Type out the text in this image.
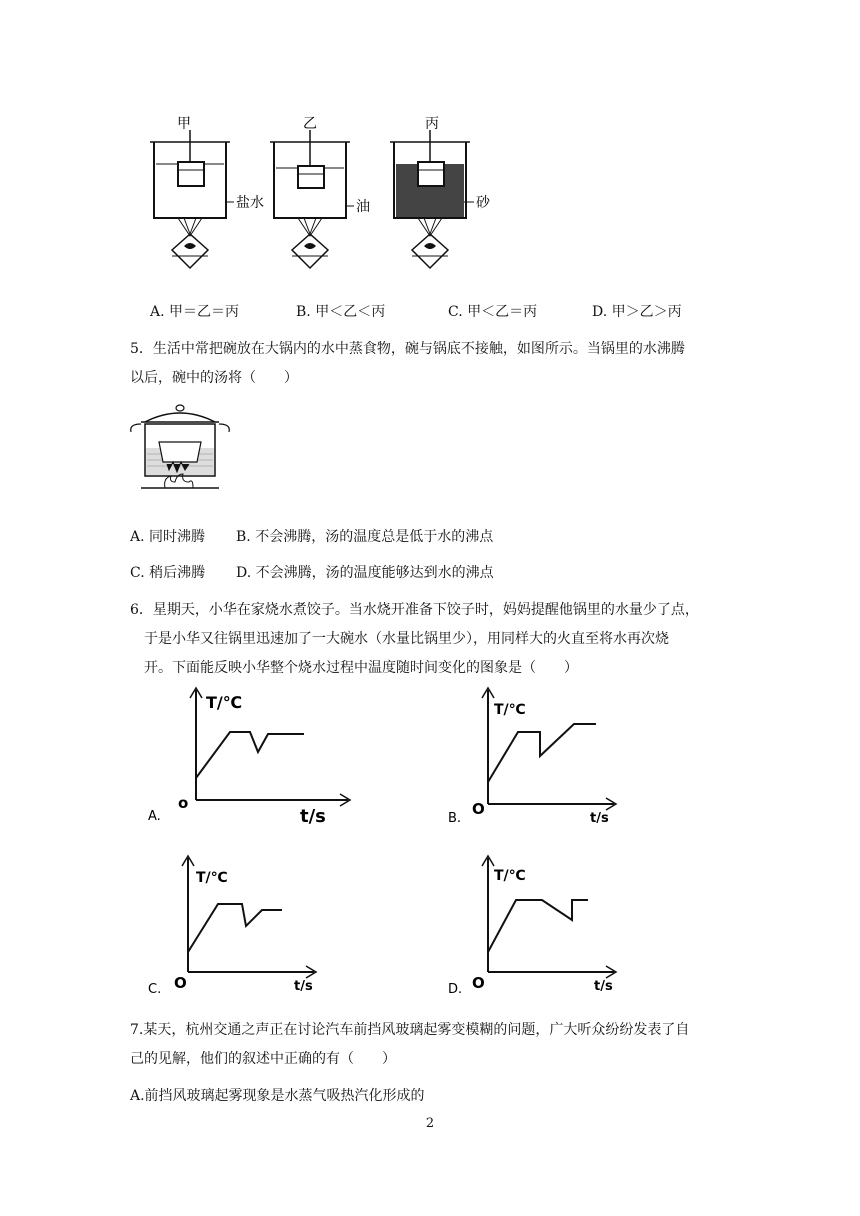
甲
盐水
乙
油
丙
砂
A. 甲＝乙＝丙	B. 甲＜乙＜丙	C. 甲＜乙＝丙	D. 甲＞乙＞丙
5．生活中常把碗放在大锅内的水中蒸食物，碗与锅底不接触，如图所示。当锅里的水沸腾
以后，碗中的汤将（　　）
A. 同时沸腾 B. 不会沸腾，汤的温度总是低于水的沸点
C. 稍后沸腾 D. 不会沸腾，汤的温度能够达到水的沸点
6．星期天，小华在家烧水煮饺子。当水烧开准备下饺子时，妈妈提醒他锅里的水量少了点，
于是小华又往锅里迅速加了一大碗水（水量比锅里少），用同样大的火直至将水再次烧
开。下面能反映小华整个烧水过程中温度随时间变化的图象是（　　）
A.
T/℃
t/s
o
B.
T/℃
t/s
O
C.
T/℃
t/s
O	D.
T/℃
t/s
O
7.某天，杭州交通之声正在讨论汽车前挡风玻璃起雾变模糊的问题，广大听众纷纷发表了自
己的见解，他们的叙述中正确的有（　　）
A.前挡风玻璃起雾现象是水蒸气吸热汽化形成的
2
